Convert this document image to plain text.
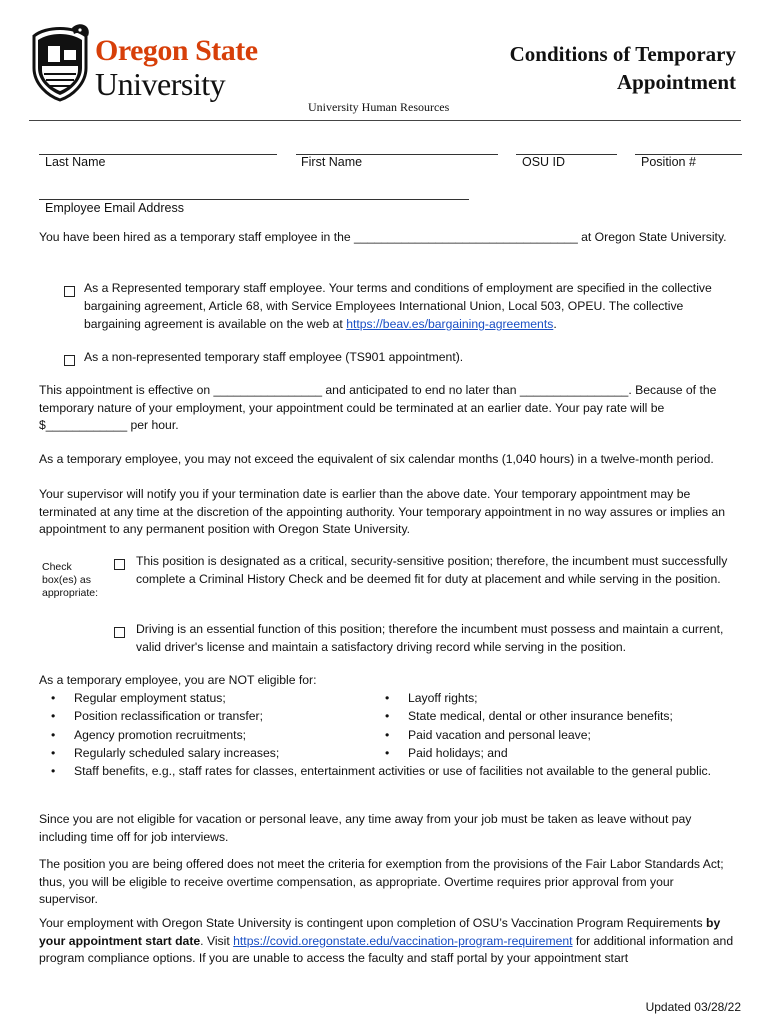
Oregon State
University
Conditions of Temporary
Appointment
University Human Resources
Last Name	First Name	OSU ID	Position #
Employee Email Address

You have been hired as a temporary staff employee in the _________________________________ at Oregon State University.

As a Represented temporary staff employee. Your terms and conditions of employment are specified in the collective bargaining agreement, Article 68, with Service Employees International Union, Local 503, OPEU. The collective bargaining agreement is available on the web at https://beav.es/bargaining-agreements.
As a non-represented temporary staff employee (TS901 appointment).

This appointment is effective on ________________ and anticipated to end no later than ________________. Because of the temporary nature of your employment, your appointment could be terminated at an earlier date. Your pay rate will be $____________ per hour.

As a temporary employee, you may not exceed the equivalent of six calendar months (1,040 hours) in a twelve-month period.

Your supervisor will notify you if your termination date is earlier than the above date. Your temporary appointment may be terminated at any time at the discretion of the appointing authority. Your temporary appointment in no way assures or implies an appointment to any permanent position with Oregon State University.

Check box(es) as appropriate:
This position is designated as a critical, security-sensitive position; therefore, the incumbent must successfully complete a Criminal History Check and be deemed fit for duty at placement and while serving in the position.
Driving is an essential function of this position; therefore the incumbent must possess and maintain a current, valid driver's license and maintain a satisfactory driving record while serving in the position.

As a temporary employee, you are NOT eligible for:

• Regular employment status;
• Position reclassification or transfer;
• Agency promotion recruitments;
• Regularly scheduled salary increases;
• Layoff rights;
• State medical, dental or other insurance benefits;
• Paid vacation and personal leave;
• Paid holidays; and
• Staff benefits, e.g., staff rates for classes, entertainment activities or use of facilities not available to the general public.

Since you are not eligible for vacation or personal leave, any time away from your job must be taken as leave without pay including time off for job interviews.

The position you are being offered does not meet the criteria for exemption from the provisions of the Fair Labor Standards Act; thus, you will be eligible to receive overtime compensation, as appropriate. Overtime requires prior approval from your supervisor.

Your employment with Oregon State University is contingent upon completion of OSU’s Vaccination Program Requirements by your appointment start date. Visit https://covid.oregonstate.edu/vaccination-program-requirement for additional information and program compliance options. If you are unable to access the faculty and staff portal by your appointment start

Updated 03/28/22
